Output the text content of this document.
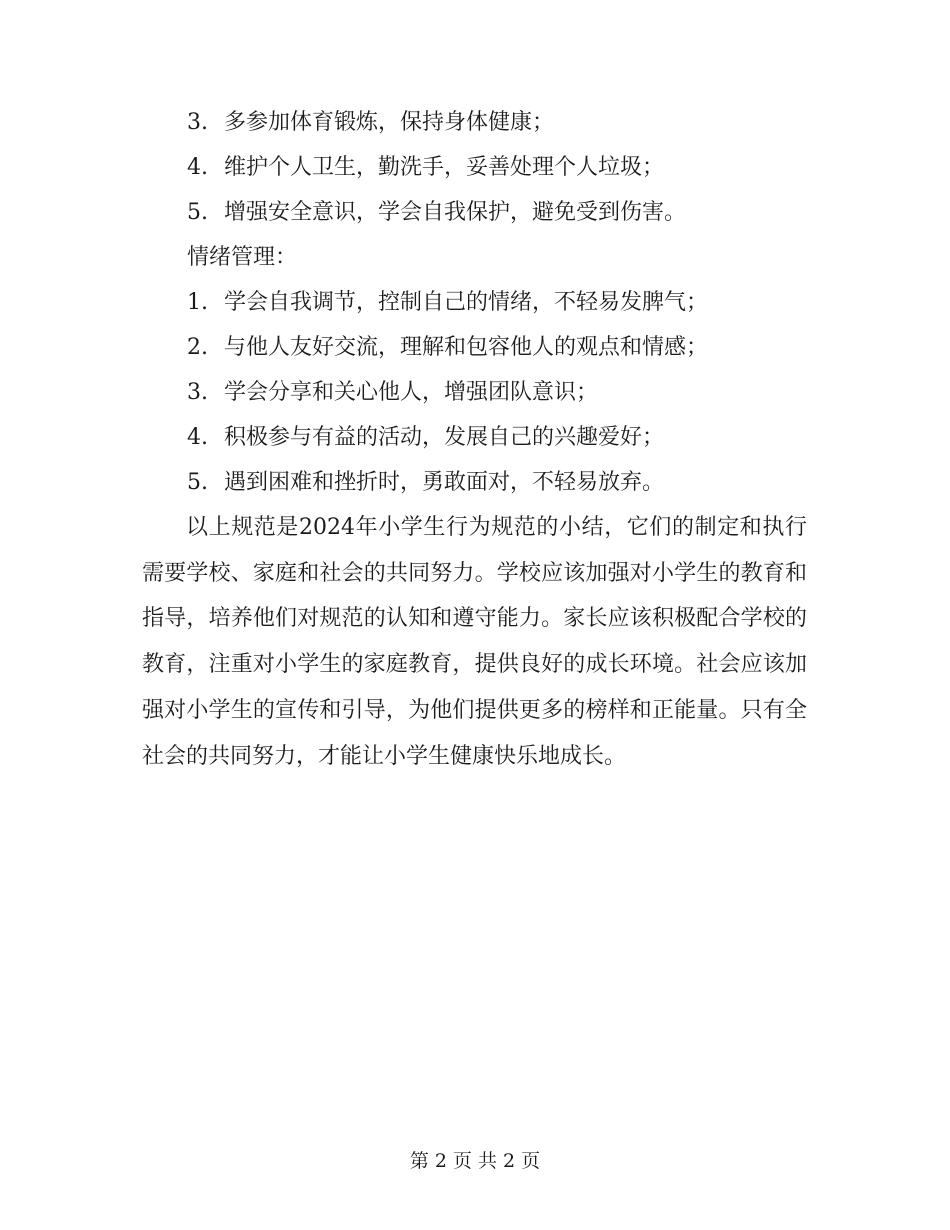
3. 多参加体育锻炼，保持身体健康；
4. 维护个人卫生，勤洗手，妥善处理个人垃圾；
5. 增强安全意识，学会自我保护，避免受到伤害。
情绪管理：
1. 学会自我调节，控制自己的情绪，不轻易发脾气；
2. 与他人友好交流，理解和包容他人的观点和情感；
3. 学会分享和关心他人，增强团队意识；
4. 积极参与有益的活动，发展自己的兴趣爱好；
5. 遇到困难和挫折时，勇敢面对，不轻易放弃。

以上规范是2024年小学生行为规范的小结，它们的制定和执行需要学校、家庭和社会的共同努力。学校应该加强对小学生的教育和指导，培养他们对规范的认知和遵守能力。家长应该积极配合学校的教育，注重对小学生的家庭教育，提供良好的成长环境。社会应该加强对小学生的宣传和引导，为他们提供更多的榜样和正能量。只有全社会的共同努力，才能让小学生健康快乐地成长。

第 2 页 共 2 页
